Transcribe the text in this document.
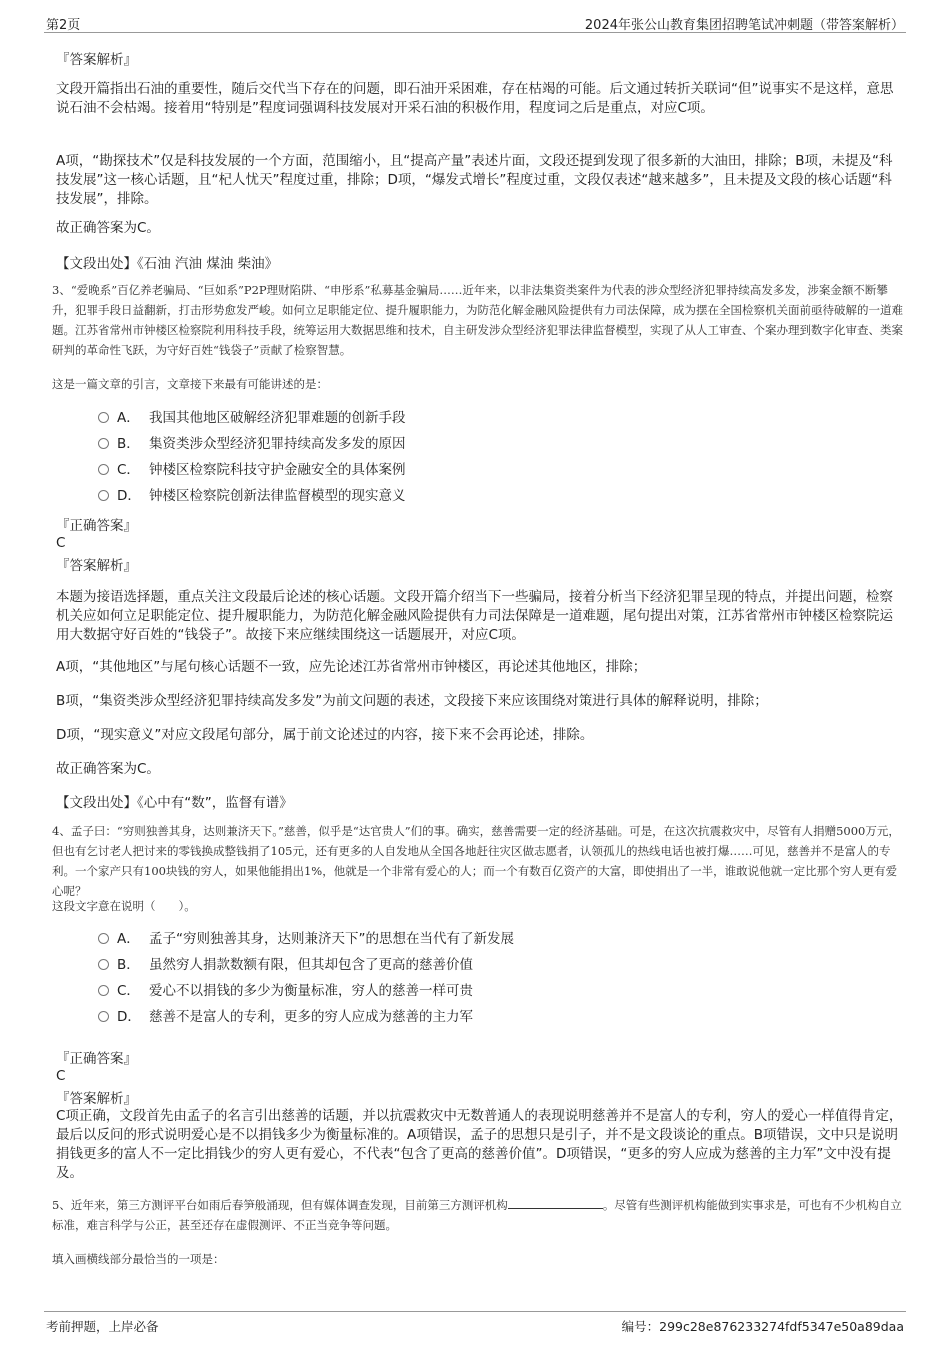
第2页	2024年张公山教育集团招聘笔试冲刺题（带答案解析）
『答案解析』
文段开篇指出石油的重要性，随后交代当下存在的问题，即石油开采困难，存在枯竭的可能。后文通过转折关联词“但”说事实不是这样，意思说石油不会枯竭。接着用“特别是”程度词强调科技发展对开采石油的积极作用，程度词之后是重点，对应C项。
A项，“勘探技术”仅是科技发展的一个方面，范围缩小，且“提高产量”表述片面，文段还提到发现了很多新的大油田，排除；B项，未提及“科技发展”这一核心话题，且“杞人忧天”程度过重，排除；D项，“爆发式增长”程度过重，文段仅表述“越来越多”，且未提及文段的核心话题“科技发展”，排除。
故正确答案为C。
【文段出处】《石油 汽油 煤油 柴油》
3、“爱晚系”百亿养老骗局、“巨如系”P2P理财陷阱、“申彤系”私募基金骗局……近年来，以非法集资类案件为代表的涉众型经济犯罪持续高发多发，涉案金额不断攀升，犯罪手段日益翻新，打击形势愈发严峻。如何立足职能定位、提升履职能力，为防范化解金融风险提供有力司法保障，成为摆在全国检察机关面前亟待破解的一道难题。江苏省常州市钟楼区检察院利用科技手段，统筹运用大数据思维和技术，自主研发涉众型经济犯罪法律监督模型，实现了从人工审查、个案办理到数字化审查、类案研判的革命性飞跃，为守好百姓“钱袋子”贡献了检察智慧。
这是一篇文章的引言，文章接下来最有可能讲述的是：
A． 我国其他地区破解经济犯罪难题的创新手段
B． 集资类涉众型经济犯罪持续高发多发的原因
C． 钟楼区检察院科技守护金融安全的具体案例
D． 钟楼区检察院创新法律监督模型的现实意义
『正确答案』
C
『答案解析』
本题为接语选择题，重点关注文段最后论述的核心话题。文段开篇介绍当下一些骗局，接着分析当下经济犯罪呈现的特点，并提出问题，检察机关应如何立足职能定位、提升履职能力，为防范化解金融风险提供有力司法保障是一道难题，尾句提出对策，江苏省常州市钟楼区检察院运用大数据守好百姓的“钱袋子”。故接下来应继续围绕这一话题展开，对应C项。
A项，“其他地区”与尾句核心话题不一致，应先论述江苏省常州市钟楼区，再论述其他地区，排除；
B项，“集资类涉众型经济犯罪持续高发多发”为前文问题的表述，文段接下来应该围绕对策进行具体的解释说明，排除；
D项，“现实意义”对应文段尾句部分，属于前文论述过的内容，接下来不会再论述，排除。
故正确答案为C。
【文段出处】《心中有“数”，监督有谱》
4、孟子曰：“穷则独善其身，达则兼济天下。”慈善，似乎是“达官贵人”们的事。确实，慈善需要一定的经济基础。可是，在这次抗震救灾中，尽管有人捐赠5000万元，但也有乞讨老人把讨来的零钱换成整钱捐了105元，还有更多的人自发地从全国各地赶往灾区做志愿者，认领孤儿的热线电话也被打爆……可见，慈善并不是富人的专利。一个家产只有100块钱的穷人，如果他能捐出1%，他就是一个非常有爱心的人；而一个有数百亿资产的大富，即使捐出了一半，谁敢说他就一定比那个穷人更有爱心呢？
这段文字意在说明（　　）。
A． 孟子“穷则独善其身，达则兼济天下”的思想在当代有了新发展
B． 虽然穷人捐款数额有限，但其却包含了更高的慈善价值
C． 爱心不以捐钱的多少为衡量标准，穷人的慈善一样可贵
D． 慈善不是富人的专利，更多的穷人应成为慈善的主力军
『正确答案』
C
『答案解析』
C项正确，文段首先由孟子的名言引出慈善的话题，并以抗震救灾中无数普通人的表现说明慈善并不是富人的专利，穷人的爱心一样值得肯定，最后以反问的形式说明爱心是不以捐钱多少为衡量标准的。A项错误，孟子的思想只是引子，并不是文段谈论的重点。B项错误，文中只是说明捐钱更多的富人不一定比捐钱少的穷人更有爱心，不代表“包含了更高的慈善价值”。D项错误，“更多的穷人应成为慈善的主力军”文中没有提及。
5、近年来，第三方测评平台如雨后春笋般涌现，但有媒体调查发现，目前第三方测评机构	。尽管有些测评机构能做到实事求是，可也有不少机构自立标准，难言科学与公正，甚至还存在虚假测评、不正当竞争等问题。
填入画横线部分最恰当的一项是：
考前押题，上岸必备	编号：299c28e876233274fdf5347e50a89daa
